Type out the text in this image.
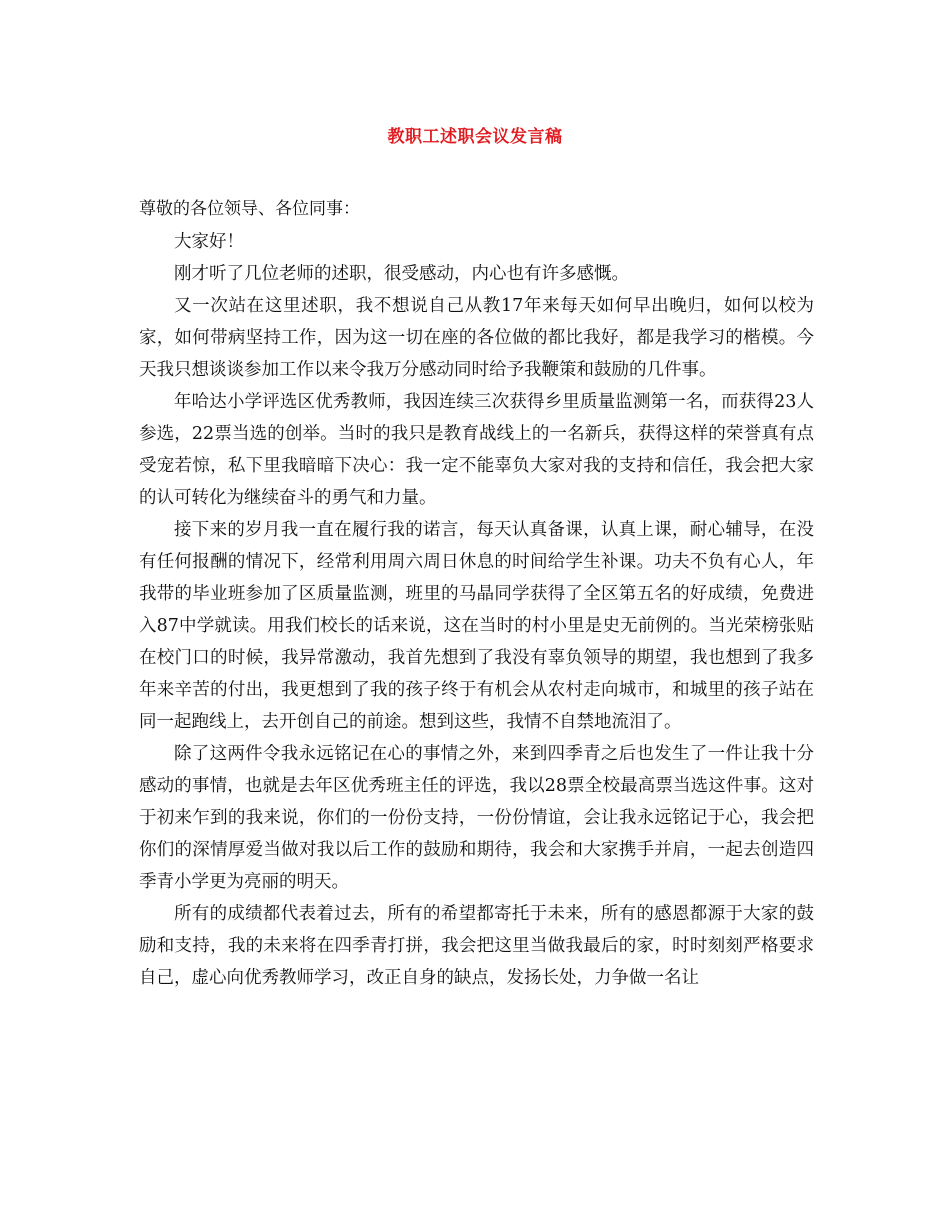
教职工述职会议发言稿
尊敬的各位领导、各位同事：

大家好！

刚才听了几位老师的述职，很受感动，内心也有许多感慨。

又一次站在这里述职，我不想说自己从教17年来每天如何早出晚归，如何以校为家，如何带病坚持工作，因为这一切在座的各位做的都比我好，都是我学习的楷模。今天我只想谈谈参加工作以来令我万分感动同时给予我鞭策和鼓励的几件事。

年哈达小学评选区优秀教师，我因连续三次获得乡里质量监测第一名，而获得23人参选，22票当选的创举。当时的我只是教育战线上的一名新兵，获得这样的荣誉真有点受宠若惊，私下里我暗暗下决心：我一定不能辜负大家对我的支持和信任，我会把大家的认可转化为继续奋斗的勇气和力量。

接下来的岁月我一直在履行我的诺言，每天认真备课，认真上课，耐心辅导，在没有任何报酬的情况下，经常利用周六周日休息的时间给学生补课。功夫不负有心人，年我带的毕业班参加了区质量监测，班里的马晶同学获得了全区第五名的好成绩，免费进入87中学就读。用我们校长的话来说，这在当时的村小里是史无前例的。当光荣榜张贴在校门口的时候，我异常激动，我首先想到了我没有辜负领导的期望，我也想到了我多年来辛苦的付出，我更想到了我的孩子终于有机会从农村走向城市，和城里的孩子站在同一起跑线上，去开创自己的前途。想到这些，我情不自禁地流泪了。

除了这两件令我永远铭记在心的事情之外，来到四季青之后也发生了一件让我十分感动的事情，也就是去年区优秀班主任的评选，我以28票全校最高票当选这件事。这对于初来乍到的我来说，你们的一份份支持，一份份情谊，会让我永远铭记于心，我会把你们的深情厚爱当做对我以后工作的鼓励和期待，我会和大家携手并肩，一起去创造四季青小学更为亮丽的明天。

所有的成绩都代表着过去，所有的希望都寄托于未来，所有的感恩都源于大家的鼓励和支持，我的未来将在四季青打拼，我会把这里当做我最后的家，时时刻刻严格要求自己，虚心向优秀教师学习，改正自身的缺点，发扬长处，力争做一名让
